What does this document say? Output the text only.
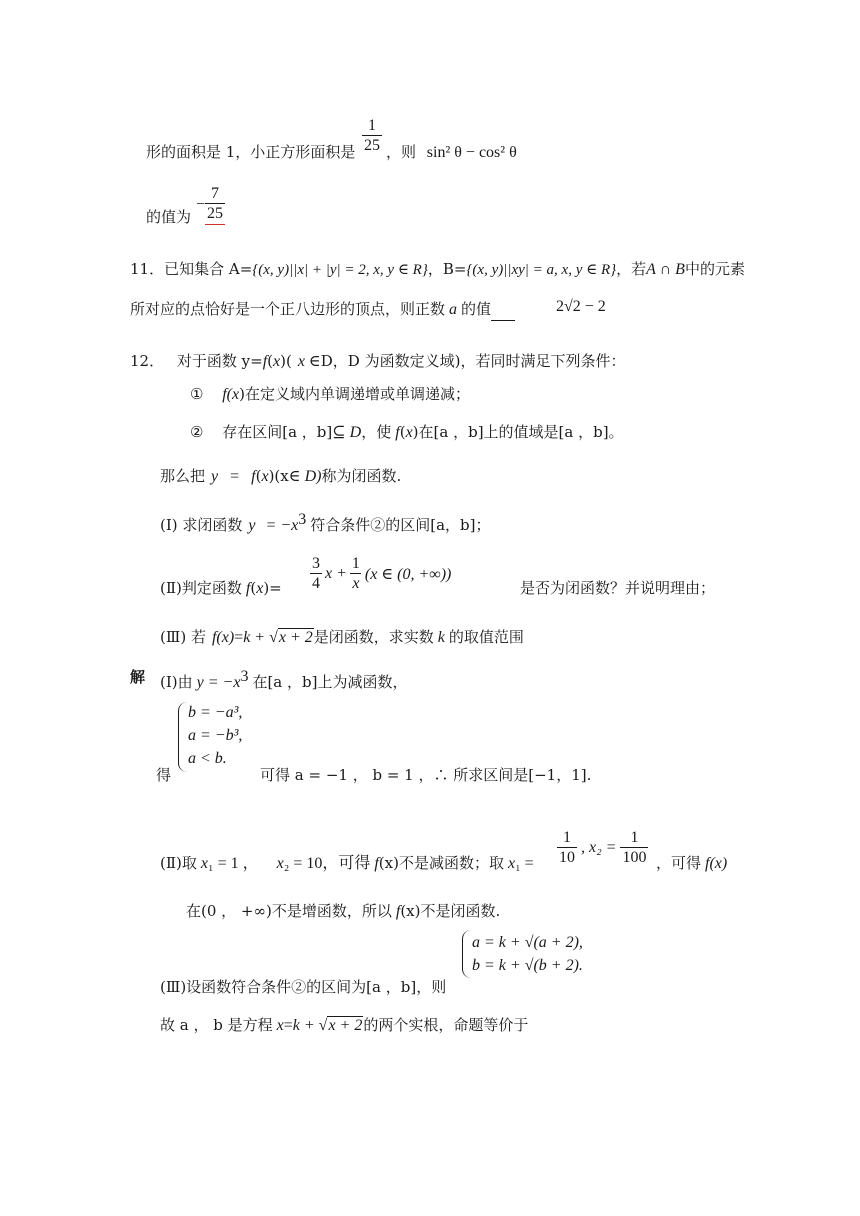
形的面积是 1，小正方形面积是 $\frac{1}{25}$ ，则 sin² θ − cos² θ
的值为
− $\frac{7}{25}$
11．已知集合 A={(x, y)||x| + |y| = 2, x, y ∈ R}，B={(x, y)||xy| = a, x, y ∈ R}，若A ∩ B中的元素
所对应的点恰好是一个正八边形的顶点，则正数 a 的值	2√2 − 2
12． 对于函数 y=f(x)( x ∈D，D 为函数定义域)，若同时满足下列条件：
① f(x)在定义域内单调递增或单调递减；
② 存在区间[a ，b]⊆ D，使 f(x)在[a ，b]上的值域是[a ，b]。
那么把 y = f(x)(x∈ D)称为闭函数.
(Ⅰ) 求闭函数 $y = -x^3$ 符合条件②的区间[a，b]；
(Ⅱ)判定函数 $f(x)= \frac{3}{4}$ $x + \frac{1}{x} (x$ ∈ (0, +∞))
是否为闭函数？并说明理由；
(Ⅲ) 若 f(x)=k + √x + 2是闭函数，求实数 k 的取值范围
解 (Ⅰ)由 $y = -x^3$ 在[a ，b]上为减函数，
b = −a³,
a = −b³,
a < b.
得	可得 a = −1 ， b = 1 ，∴ 所求区间是[−1，1].
(Ⅱ)取 x₁ = 1 ， x₂ = 10，可得 f(x)不是减函数；取 $x_1 = \frac{1}{10}$ , $x_2 = \frac{1}{100}$ ，可得 f(x)
在(0 ， +∞)不是增函数，所以 f(x)不是闭函数.
(Ⅲ)设函数符合条件②的区间为[a ，b]，则
a = k + √(a + 2),
b = k + √(b + 2).
故 a ， b 是方程 x=k + √x + 2的两个实根，命题等价于
